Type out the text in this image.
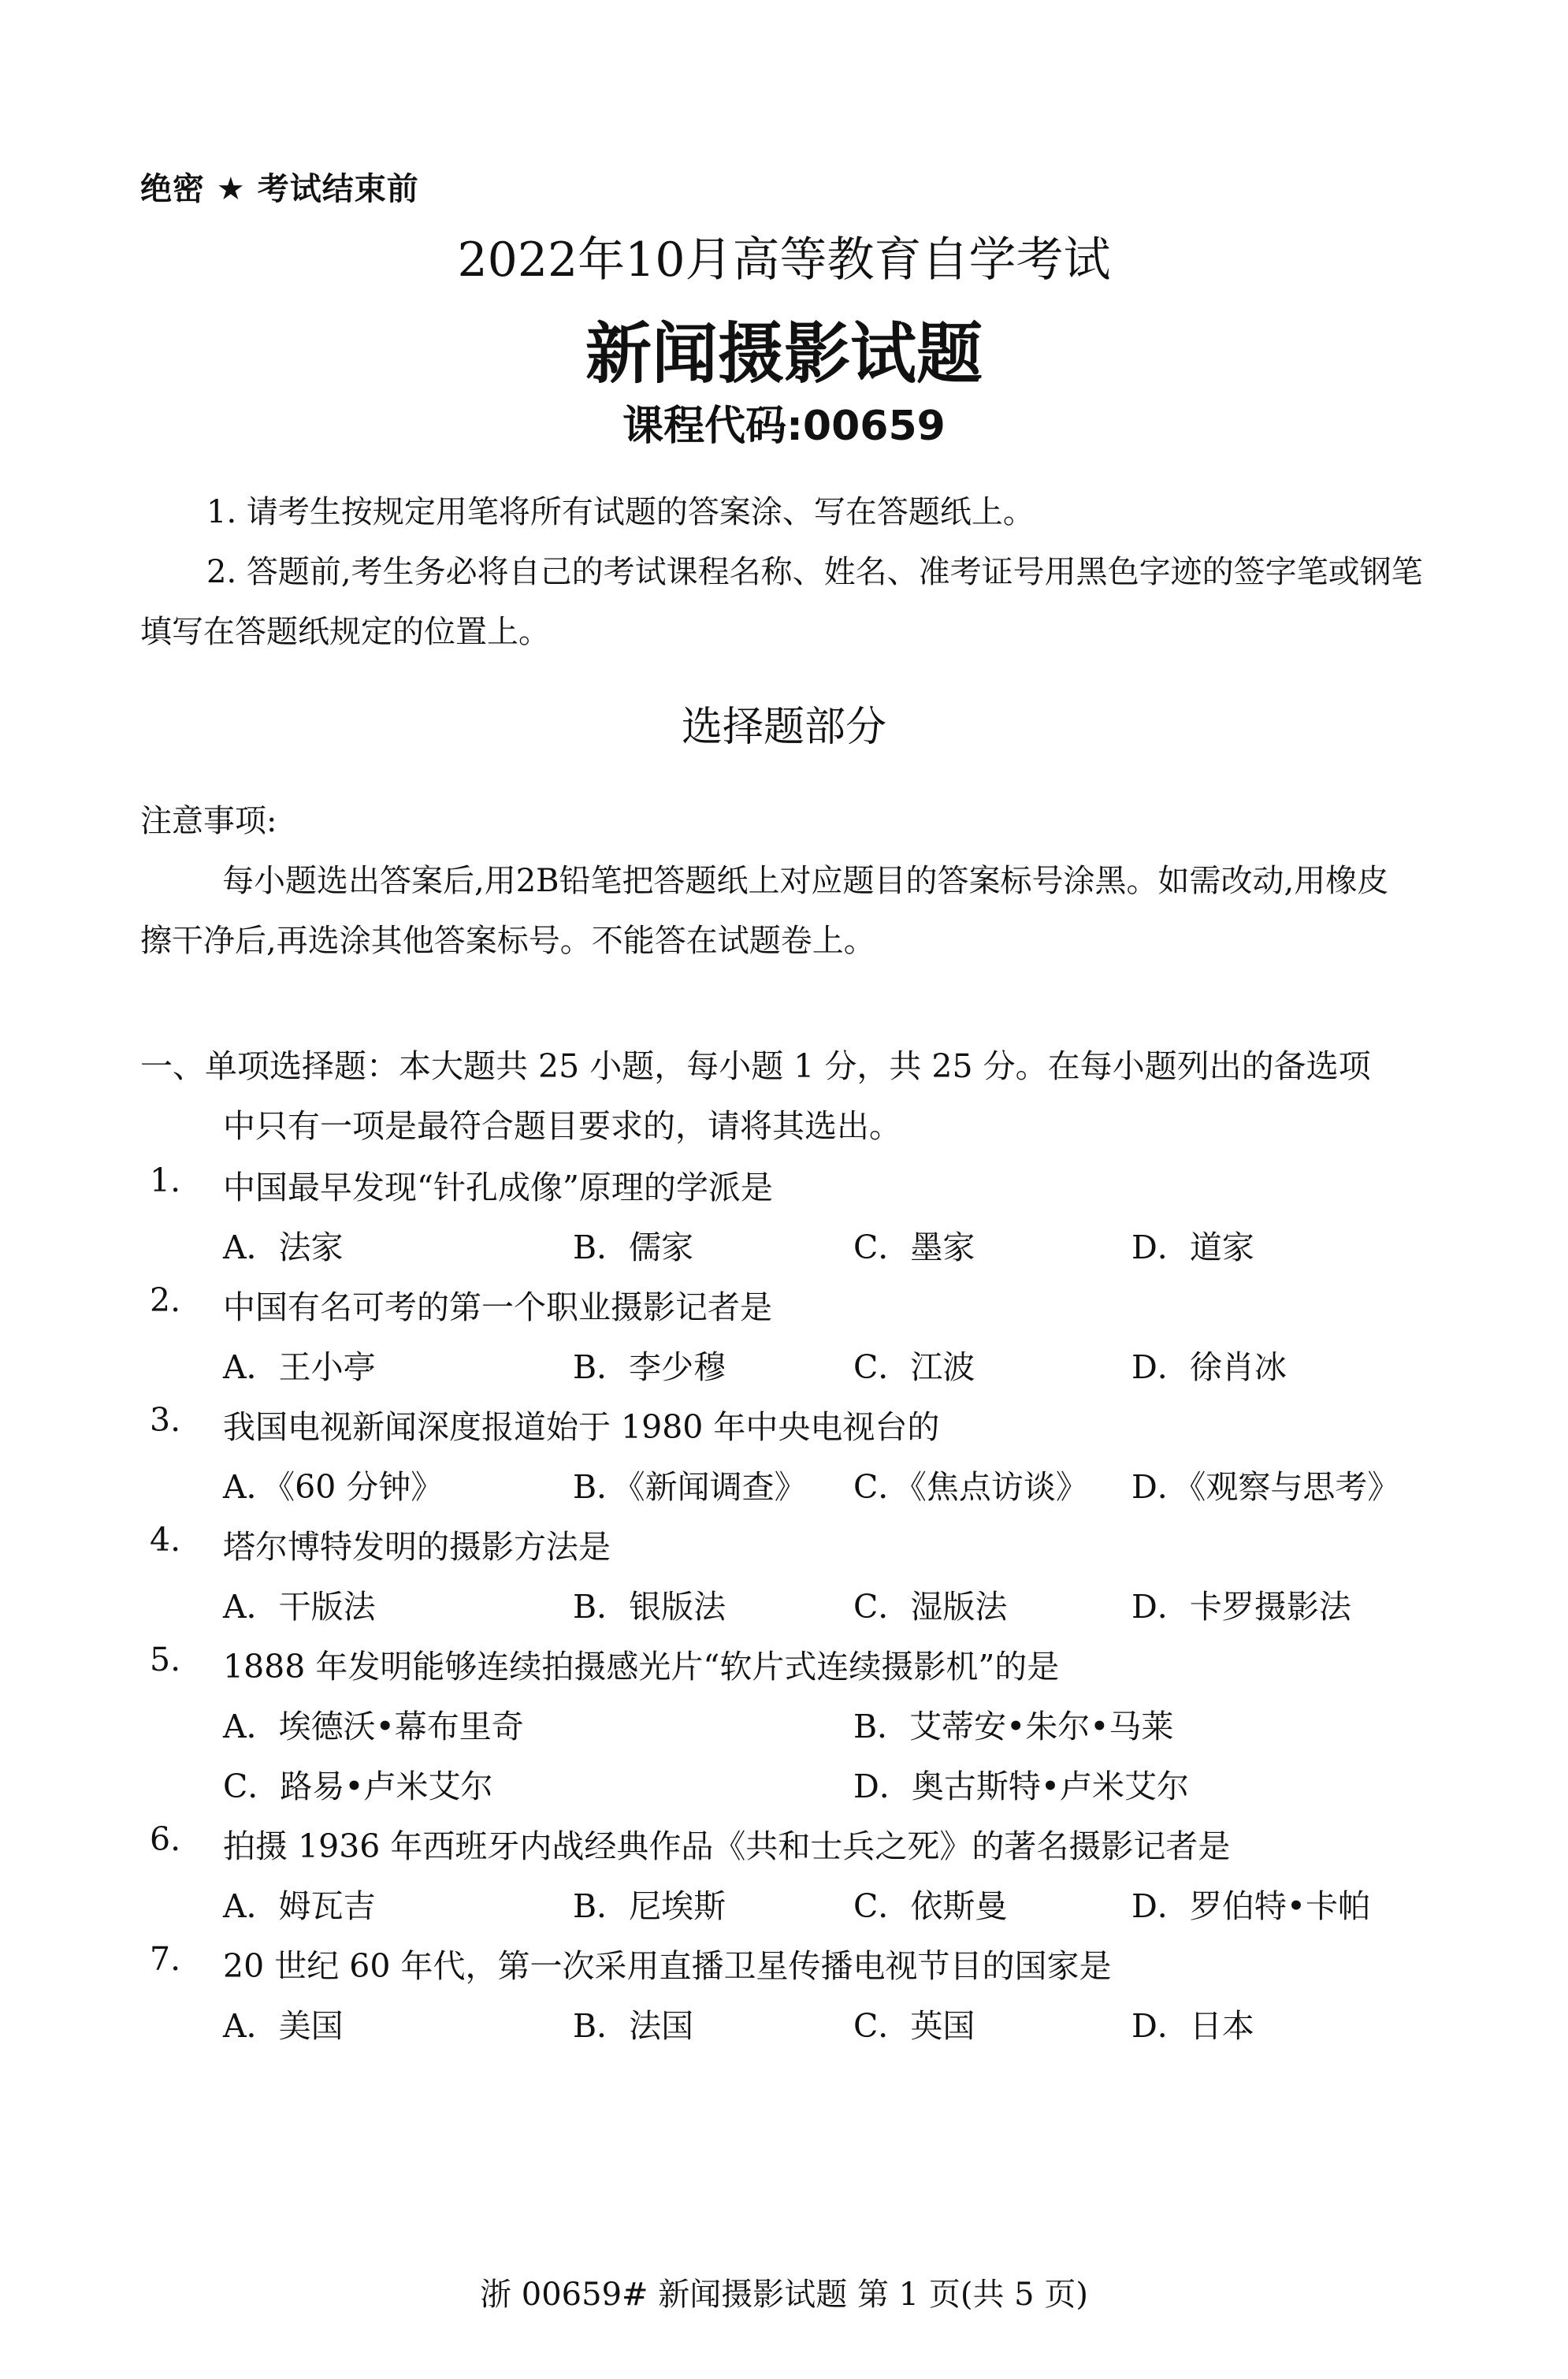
绝密 ★ 考试结束前
2022年10月高等教育自学考试
新闻摄影试题
课程代码:00659
1. 请考生按规定用笔将所有试题的答案涂、写在答题纸上。
2. 答题前,考生务必将自己的考试课程名称、姓名、准考证号用黑色字迹的签字笔或钢笔
填写在答题纸规定的位置上。
选择题部分
注意事项:
每小题选出答案后,用2B铅笔把答题纸上对应题目的答案标号涂黑。如需改动,用橡皮
擦干净后,再选涂其他答案标号。不能答在试题卷上。
一、单项选择题：本大题共 25 小题，每小题 1 分，共 25 分。在每小题列出的备选项
中只有一项是最符合题目要求的，请将其选出。
1. 中国最早发现“针孔成像”原理的学派是
A．法家	B．儒家	C．墨家	D．道家
2. 中国有名可考的第一个职业摄影记者是
A．王小亭	B．李少穆	C．江波	D．徐肖冰
3. 我国电视新闻深度报道始于 1980 年中央电视台的
A．《60 分钟》	B．《新闻调查》 C．《焦点访谈》 D．《观察与思考》
4. 塔尔博特发明的摄影方法是
A．干版法	B．银版法	C．湿版法	D．卡罗摄影法
5. 1888 年发明能够连续拍摄感光片“软片式连续摄影机”的是
A．埃德沃•幕布里奇	B．艾蒂安•朱尔•马莱
C．路易•卢米艾尔	D．奥古斯特•卢米艾尔
6. 拍摄 1936 年西班牙内战经典作品《共和士兵之死》的著名摄影记者是
A．姆瓦吉	B．尼埃斯	C．依斯曼	D．罗伯特•卡帕
7. 20 世纪 60 年代，第一次采用直播卫星传播电视节目的国家是
A．美国	B．法国	C．英国	D．日本
浙 00659# 新闻摄影试题 第 1 页(共 5 页)
